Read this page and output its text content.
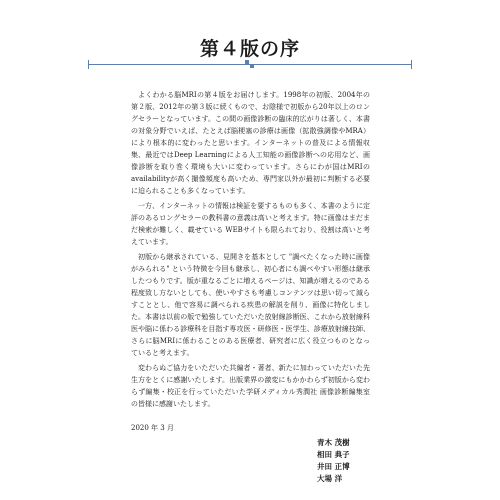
第４版の序

よくわかる脳MRIの第４版をお届けします。1998年の初版、2004年の第２版、2012年の第３版に続くもので、お陰様で初版から20年以上のロングセラーとなっています。この間の画像診断の臨床的広がりは著しく、本書の対象分野でいえば、たとえば脳梗塞の診療は画像（拡散強調像やMRA）により根本的に変わったと思います。インターネットの普及による情報収集、最近ではDeep Learningによる人工知能の画像診断への応用など、画像診断を取り巻く環境も大いに変わっています。さらにわが国はMRIのavailabilityが高く撮像頻度も高いため、専門家以外が最初に判断する必要に迫られることも多くなっています。

一方、インターネットの情報は検証を要するものも多く、本書のように定評のあるロングセラーの教科書の意義は高いと考えます。特に画像はまだまだ検索が難しく、載せている WEBサイトも限られており、役割は高いと考えています。

初版から継承されている、見開きを基本として "調べたくなった時に画像がみられる" という特徴を今回も継承し、初心者にも調べやすい形態は継承したつもりです。版が重なるごとに増えるページは、知識が増えるのである程度致し方ないとしても、使いやすさも考慮しコンテンツは思い切って減らすこととし、他で容易に調べられる疾患の解説を削り、画像に特化しました。本書は以前の版で勉強していただいた放射線診断医、これから放射線科医や脳に係わる診療科を目指す専攻医・研修医・医学生、診療放射線技師、さらに脳MRIに係わることのある医療者、研究者に広く役立つものとなっていると考えます。

変わらぬご協力をいただいた共編者・著者、新たに加わっていただいた先生方をとくに感謝いたします。出版業界の激変にもかかわらず初版から変わらず編集・校正を行っていただいた学研メディカル秀潤社 画像診断編集室の皆様に感謝いたします。

2020 年 3 月
青木 茂樹
相田 典子
井田 正博
大場 洋
